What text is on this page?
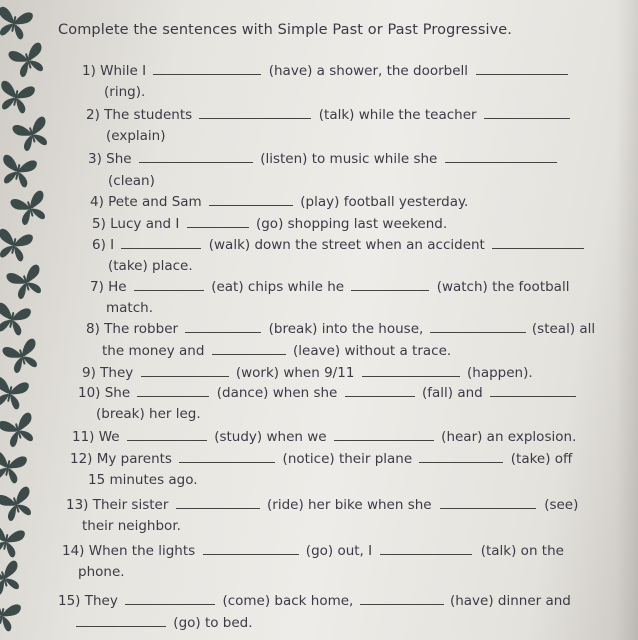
Complete the sentences with Simple Past or Past Progressive.
1) While I	(have) a shower, the doorbell
(ring).
2) The students	(talk) while the teacher
(explain)
3) She	(listen) to music while she
(clean)
4) Pete and Sam	(play) football yesterday.
5) Lucy and I	(go) shopping last weekend.
6) I	(walk) down the street when an accident
(take) place.
7) He	(eat) chips while he	(watch) the football
match.
8) The robber	(break) into the house,	(steal) all
the money and	(leave) without a trace.
9) They	(work) when 9/11	(happen).
10) She	(dance) when she	(fall) and
(break) her leg.
11) We	(study) when we	(hear) an explosion.
12) My parents	(notice) their plane	(take) off
15 minutes ago.
13) Their sister	(ride) her bike when she	(see)
their neighbor.
14) When the lights	(go) out, I	(talk) on the
phone.
15) They	(come) back home,	(have) dinner and
(go) to bed.
